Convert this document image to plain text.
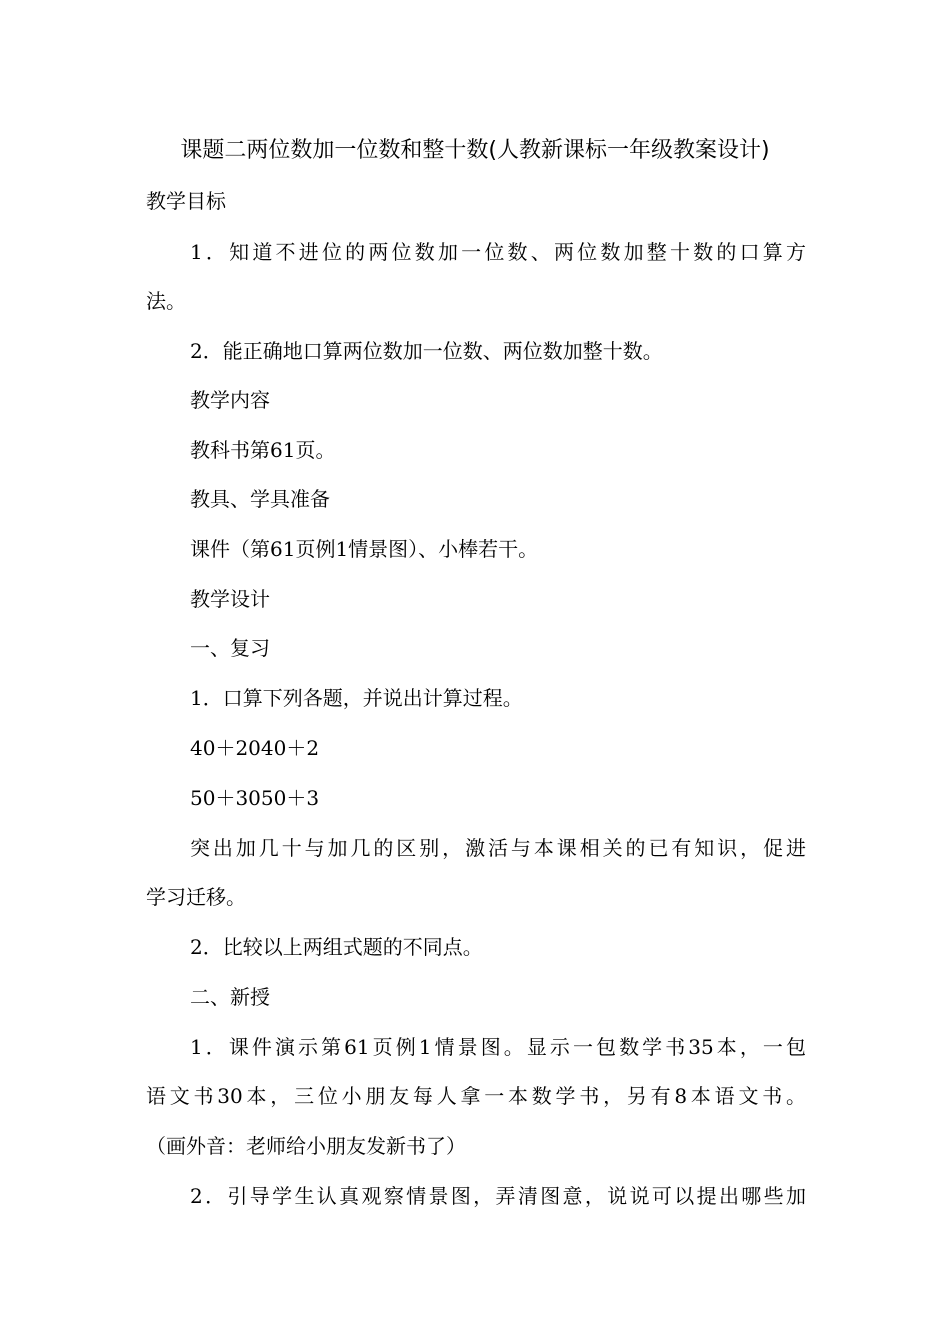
课题二两位数加一位数和整十数(人教新课标一年级教案设计)
教学目标
1．知道不进位的两位数加一位数、两位数加整十数的口算方
法。
2．能正确地口算两位数加一位数、两位数加整十数。
教学内容
教科书第61页。
教具、学具准备
课件（第61页例1情景图）、小棒若干。
教学设计
一、复习
1．口算下列各题，并说出计算过程。
40＋2040＋2
50＋3050＋3
突出加几十与加几的区别，激活与本课相关的已有知识，促进
学习迁移。
2．比较以上两组式题的不同点。
二、新授
1．课件演示第61页例1情景图。显示一包数学书35本，一包
语文书30本，三位小朋友每人拿一本数学书，另有8本语文书。
（画外音：老师给小朋友发新书了）
2．引导学生认真观察情景图，弄清图意，说说可以提出哪些加
